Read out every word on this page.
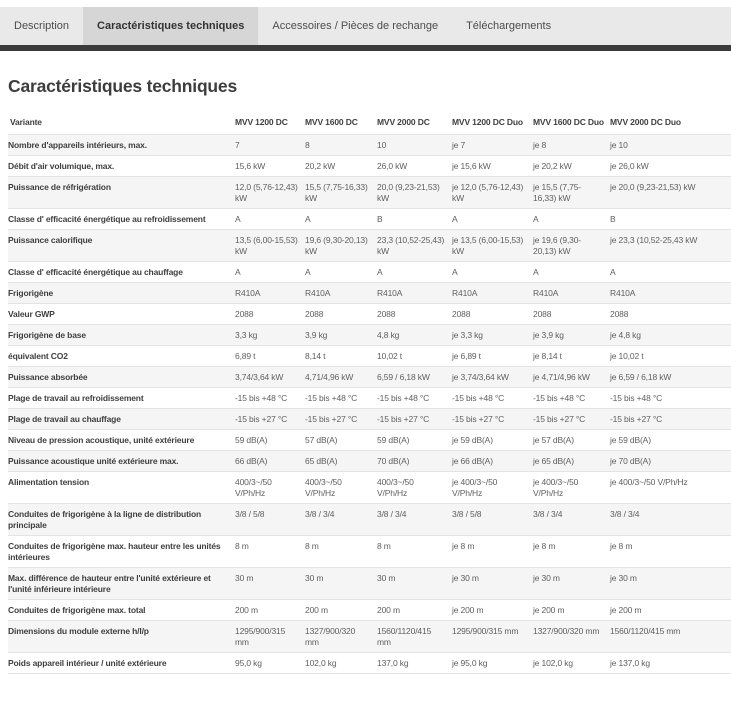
Description	Caractéristiques techniques	Accessoires / Pièces de rechange	Téléchargements
Caractéristiques techniques
Variante	MVV 1200 DC	MVV 1600 DC	MVV 2000 DC	MVV 1200 DC Duo	MVV 1600 DC Duo	MVV 2000 DC Duo
Nombre d'appareils intérieurs, max.	7	8	10	je 7	je 8	je 10
Débit d'air volumique, max.	15,6 kW	20,2 kW	26,0 kW	je 15,6 kW	je 20,2 kW	je 26,0 kW
Puissance de réfrigération	12,0 (5,76-12,43) kW	15,5 (7,75-16,33) kW	20,0 (9,23-21,53) kW	je 12,0 (5,76-12,43) kW	je 15,5 (7,75-16,33) kW	je 20,0 (9,23-21,53) kW
Classe d' efficacité énergétique au refroidissement	A	A	B	A	A	B
Puissance calorifique	13,5 (6,00-15,53) kW	19,6 (9,30-20,13) kW	23,3 (10,52-25,43) kW	je 13,5 (6,00-15,53) kW	je 19,6 (9,30-20,13) kW	je 23,3 (10,52-25,43 kW
Classe d' efficacité énergétique au chauffage	A	A	A	A	A	A
Frigorigène	R410A	R410A	R410A	R410A	R410A	R410A
Valeur GWP	2088	2088	2088	2088	2088	2088
Frigorigène de base	3,3 kg	3,9 kg	4,8 kg	je 3,3 kg	je 3,9 kg	je 4,8 kg
équivalent CO2	6,89 t	8,14 t	10,02 t	je 6,89 t	je 8,14 t	je 10,02 t
Puissance absorbée	3,74/3,64 kW	4,71/4,96 kW	6,59 / 6,18 kW	je 3,74/3,64 kW	je 4,71/4,96 kW	je 6,59 / 6,18 kW
Plage de travail au refroidissement	-15 bis +48 °C	-15 bis +48 °C	-15 bis +48 °C	-15 bis +48 °C	-15 bis +48 °C	-15 bis +48 °C
Plage de travail au chauffage	-15 bis +27 °C	-15 bis +27 °C	-15 bis +27 °C	-15 bis +27 °C	-15 bis +27 °C	-15 bis +27 °C
Niveau de pression acoustique, unité extérieure	59 dB(A)	57 dB(A)	59 dB(A)	je 59 dB(A)	je 57 dB(A)	je 59 dB(A)
Puissance acoustique unité extérieure max.	66 dB(A)	65 dB(A)	70 dB(A)	je 66 dB(A)	je 65 dB(A)	je 70 dB(A)
Alimentation tension	400/3~/50 V/Ph/Hz	400/3~/50 V/Ph/Hz	400/3~/50 V/Ph/Hz	je 400/3~/50 V/Ph/Hz	je 400/3~/50 V/Ph/Hz	je 400/3~/50 V/Ph/Hz
Conduites de frigorigène à la ligne de distribution principale	3/8 / 5/8	3/8 / 3/4	3/8 / 3/4	3/8 / 5/8	3/8 / 3/4	3/8 / 3/4
Conduites de frigorigène max. hauteur entre les unités intérieures	8 m	8 m	8 m	je 8 m	je 8 m	je 8 m
Max. différence de hauteur entre l'unité extérieure et l'unité inférieure intérieure	30 m	30 m	30 m	je 30 m	je 30 m	je 30 m
Conduites de frigorigène max. total	200 m	200 m	200 m	je 200 m	je 200 m	je 200 m
Dimensions du module externe h/l/p	1295/900/315 mm	1327/900/320 mm	1560/1120/415 mm	1295/900/315 mm	1327/900/320 mm	1560/1120/415 mm
Poids appareil intérieur / unité extérieure	95,0 kg	102,0 kg	137,0 kg	je 95,0 kg	je 102,0 kg	je 137,0 kg
